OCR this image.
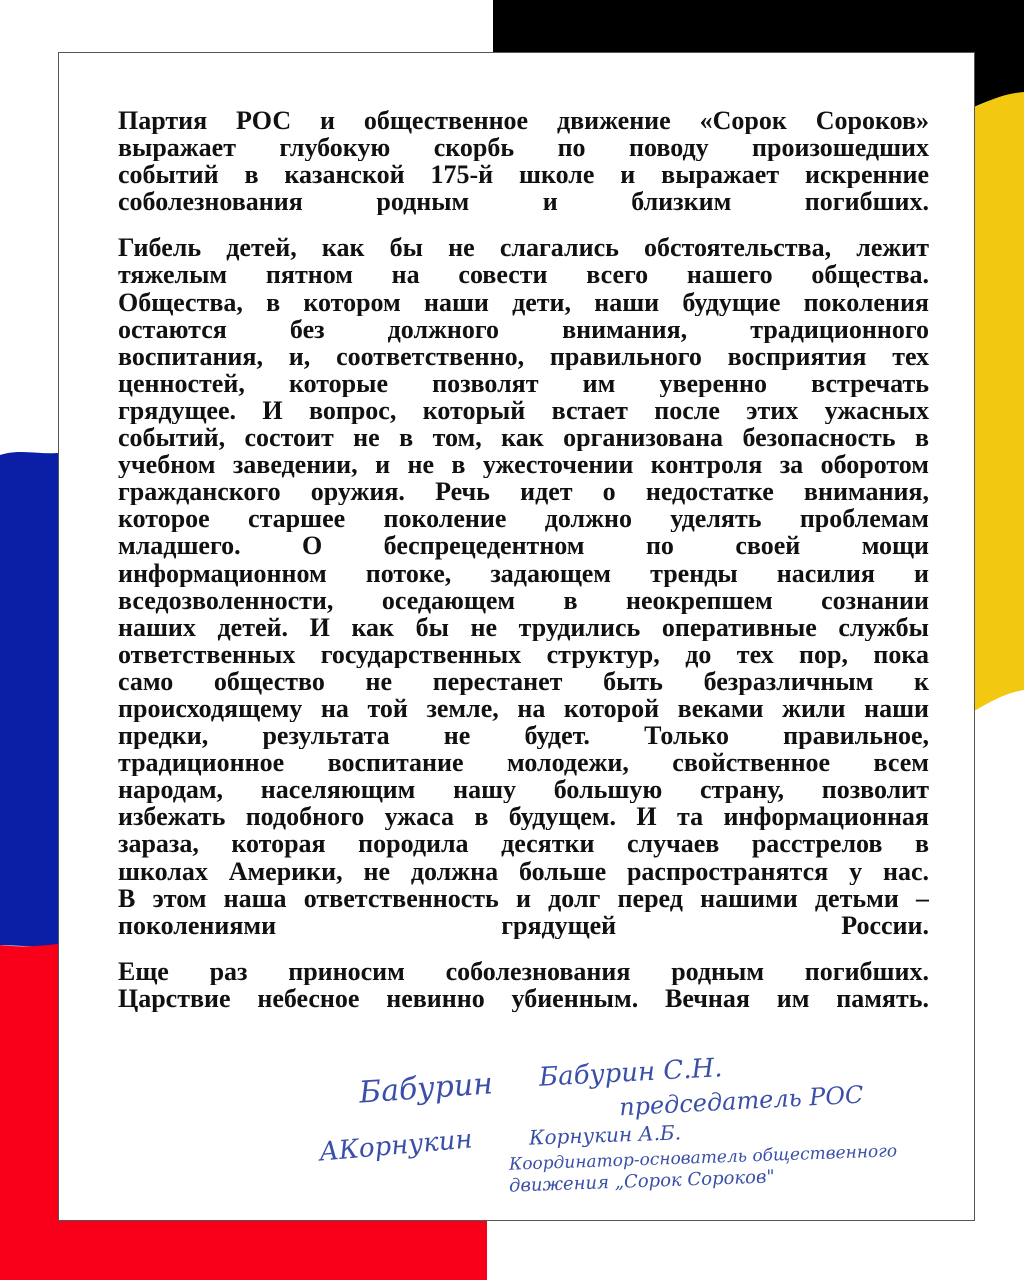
Партия РОС и общественное движение «Сорок Сороков»
выражает глубокую скорбь по поводу произошедших
событий в казанской 175-й школе и выражает искренние
соболезнования родным и близким погибших.
Гибель детей, как бы не слагались обстоятельства, лежит
тяжелым пятном на совести всего нашего общества.
Общества, в котором наши дети, наши будущие поколения
остаются без должного внимания, традиционного
воспитания, и, соответственно, правильного восприятия тех
ценностей, которые позволят им уверенно встречать
грядущее. И вопрос, который встает после этих ужасных
событий, состоит не в том, как организована безопасность в
учебном заведении, и не в ужесточении контроля за оборотом
гражданского оружия. Речь идет о недостатке внимания,
которое старшее поколение должно уделять проблемам
младшего. О беспрецедентном по своей мощи
информационном потоке, задающем тренды насилия и
вседозволенности, оседающем в неокрепшем сознании
наших детей. И как бы не трудились оперативные службы
ответственных государственных структур, до тех пор, пока
само общество не перестанет быть безразличным к
происходящему на той земле, на которой веками жили наши
предки, результата не будет. Только правильное,
традиционное воспитание молодежи, свойственное всем
народам, населяющим нашу большую страну, позволит
избежать подобного ужаса в будущем. И та информационная
зараза, которая породила десятки случаев расстрелов в
школах Америки, не должна больше распространятся у нас.
В этом наша ответственность и долг перед нашими детьми –
поколениями грядущей России.
Еще раз приносим соболезнования родным погибших.
Царствие небесное невинно убиенным. Вечная им память.
Бабурин Бабурин С.Н.
председатель РОС
АКорнукин	Корнукин А.Б.
Координатор-основатель общественного
движения „Сорок Сороков"
